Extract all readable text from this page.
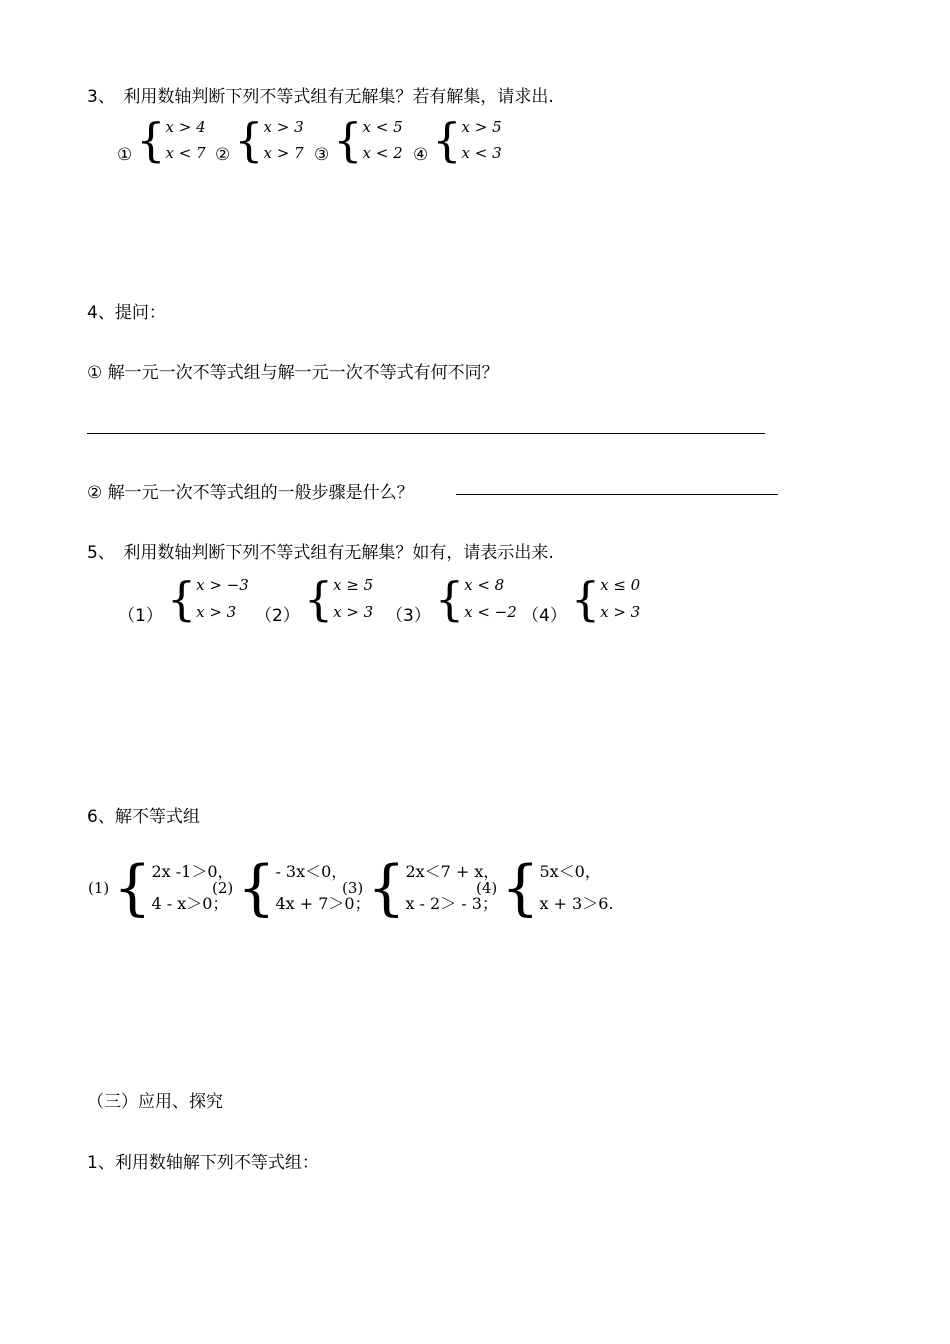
3、　利用数轴判断下列不等式组有无解集？若有解集，请求出.
① { x > 4
x < 7 ② { x > 3
x > 7 ③ { x < 5
x < 2 ④ { x > 5
x < 3
4、提问：
① 解一元一次不等式组与解一元一次不等式有何不同？
② 解一元一次不等式组的一般步骤是什么？
5、　利用数轴判断下列不等式组有无解集？如有，请表示出来.
（1） { x > −3
x > 3	（2） { x ≥ 5
x > 3 （3） { x < 8
x < −2 （4） { x ≤ 0
x > 3
6、解不等式组
(1) { 2x -1＞0，
4 - x＞0；
(2) { - 3x＜0，
4x + 7＞0；
(3) { 2x＜7 + x，
x - 2＞ - 3；
(4) { 5x＜0，
x + 3＞6.
（三）应用、探究
1、利用数轴解下列不等式组：
